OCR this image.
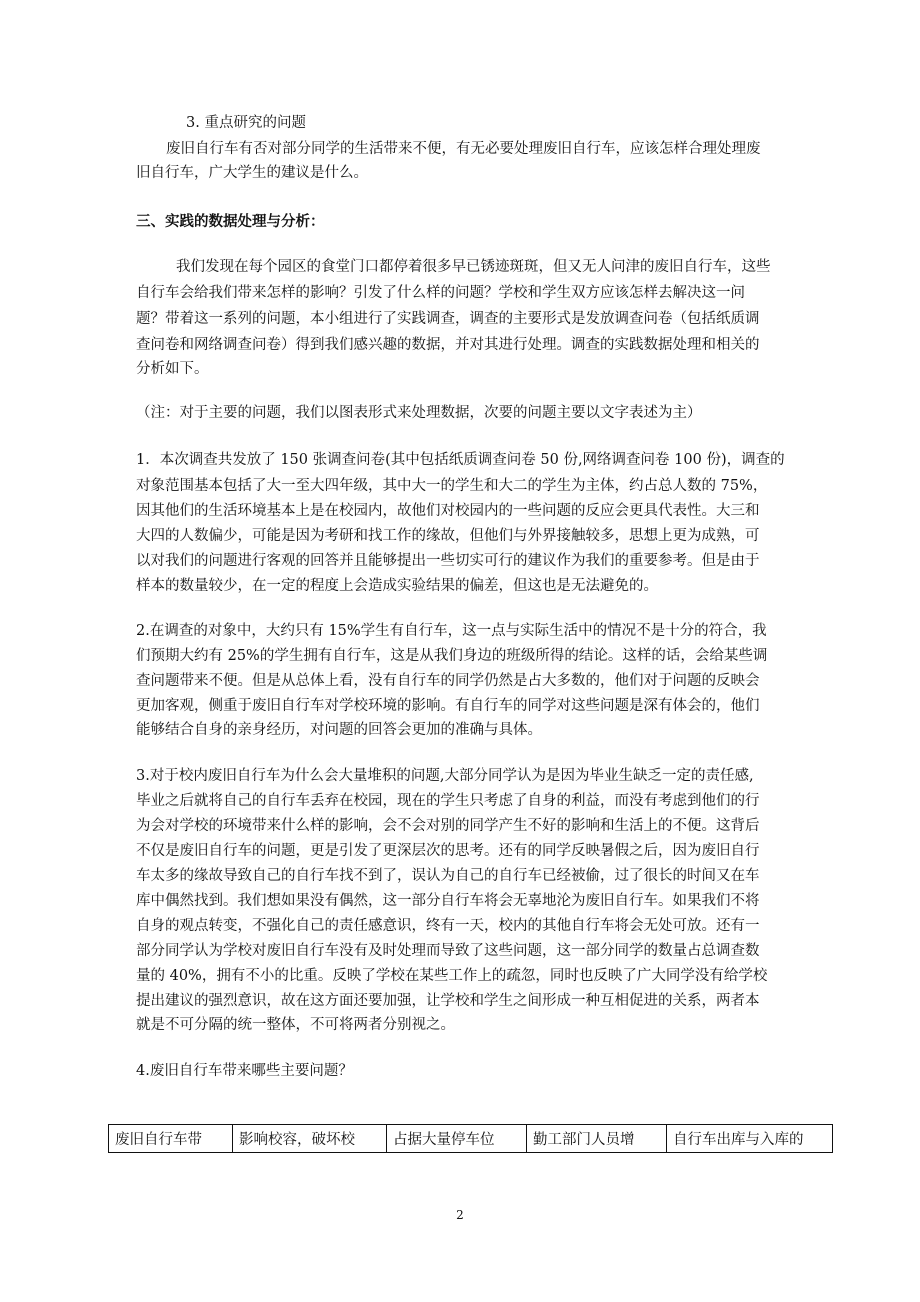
3. 重点研究的问题
废旧自行车有否对部分同学的生活带来不便，有无必要处理废旧自行车，应该怎样合理处理废
旧自行车，广大学生的建议是什么。
三、实践的数据处理与分析：
我们发现在每个园区的食堂门口都停着很多早已锈迹斑斑，但又无人问津的废旧自行车，这些
自行车会给我们带来怎样的影响？引发了什么样的问题？学校和学生双方应该怎样去解决这一问
题？带着这一系列的问题，本小组进行了实践调查，调查的主要形式是发放调查问卷（包括纸质调
查问卷和网络调查问卷）得到我们感兴趣的数据，并对其进行处理。调查的实践数据处理和相关的
分析如下。
（注：对于主要的问题，我们以图表形式来处理数据，次要的问题主要以文字表述为主）
1．本次调查共发放了 150 张调查问卷(其中包括纸质调查问卷 50 份,网络调查问卷 100 份)，调查的
对象范围基本包括了大一至大四年级，其中大一的学生和大二的学生为主体，约占总人数的 75%，
因其他们的生活环境基本上是在校园内，故他们对校园内的一些问题的反应会更具代表性。大三和
大四的人数偏少，可能是因为考研和找工作的缘故，但他们与外界接触较多，思想上更为成熟，可
以对我们的问题进行客观的回答并且能够提出一些切实可行的建议作为我们的重要参考。但是由于
样本的数量较少，在一定的程度上会造成实验结果的偏差，但这也是无法避免的。
2.在调查的对象中，大约只有 15%学生有自行车，这一点与实际生活中的情况不是十分的符合，我
们预期大约有 25%的学生拥有自行车，这是从我们身边的班级所得的结论。这样的话，会给某些调
查问题带来不便。但是从总体上看，没有自行车的同学仍然是占大多数的，他们对于问题的反映会
更加客观，侧重于废旧自行车对学校环境的影响。有自行车的同学对这些问题是深有体会的，他们
能够结合自身的亲身经历，对问题的回答会更加的准确与具体。
3.对于校内废旧自行车为什么会大量堆积的问题,大部分同学认为是因为毕业生缺乏一定的责任感,
毕业之后就将自己的自行车丢弃在校园，现在的学生只考虑了自身的利益，而没有考虑到他们的行
为会对学校的环境带来什么样的影响，会不会对别的同学产生不好的影响和生活上的不便。这背后
不仅是废旧自行车的问题，更是引发了更深层次的思考。还有的同学反映暑假之后，因为废旧自行
车太多的缘故导致自己的自行车找不到了，误认为自己的自行车已经被偷，过了很长的时间又在车
库中偶然找到。我们想如果没有偶然，这一部分自行车将会无辜地沦为废旧自行车。如果我们不将
自身的观点转变，不强化自己的责任感意识，终有一天，校内的其他自行车将会无处可放。还有一
部分同学认为学校对废旧自行车没有及时处理而导致了这些问题，这一部分同学的数量占总调查数
量的 40%，拥有不小的比重。反映了学校在某些工作上的疏忽，同时也反映了广大同学没有给学校
提出建议的强烈意识，故在这方面还要加强，让学校和学生之间形成一种互相促进的关系，两者本
就是不可分隔的统一整体，不可将两者分别视之。
4.废旧自行车带来哪些主要问题？
废旧自行车带	影响校容，破坏校	占据大量停车位	勤工部门人员增	自行车出库与入库的
2
